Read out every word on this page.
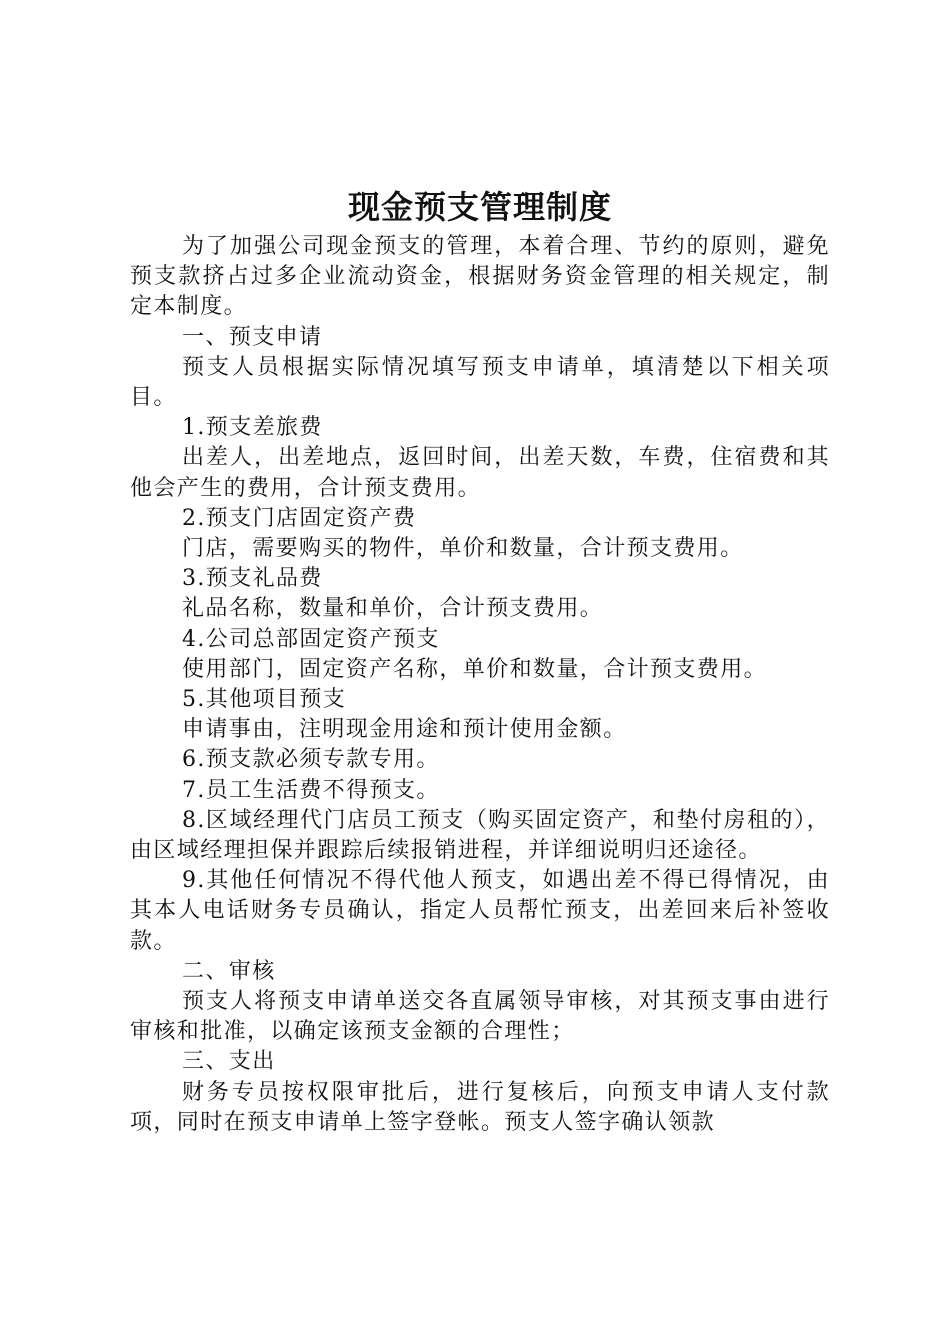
现金预支管理制度

为了加强公司现金预支的管理，本着合理、节约的原则，避免预支款挤占过多企业流动资金，根据财务资金管理的相关规定，制定本制度。

一、预支申请

预支人员根据实际情况填写预支申请单，填清楚以下相关项目。

1.预支差旅费

出差人，出差地点，返回时间，出差天数，车费，住宿费和其他会产生的费用，合计预支费用。

2.预支门店固定资产费

门店，需要购买的物件，单价和数量，合计预支费用。

3.预支礼品费

礼品名称，数量和单价，合计预支费用。

4.公司总部固定资产预支

使用部门，固定资产名称，单价和数量，合计预支费用。

5.其他项目预支

申请事由，注明现金用途和预计使用金额。

6.预支款必须专款专用。

7.员工生活费不得预支。

8.区域经理代门店员工预支（购买固定资产，和垫付房租的），由区域经理担保并跟踪后续报销进程，并详细说明归还途径。

9.其他任何情况不得代他人预支，如遇出差不得已得情况，由其本人电话财务专员确认，指定人员帮忙预支，出差回来后补签收款。

二、审核

预支人将预支申请单送交各直属领导审核，对其预支事由进行审核和批准，以确定该预支金额的合理性；

三、支出

财务专员按权限审批后，进行复核后，向预支申请人支付款项，同时在预支申请单上签字登帐。预支人签字确认领款
